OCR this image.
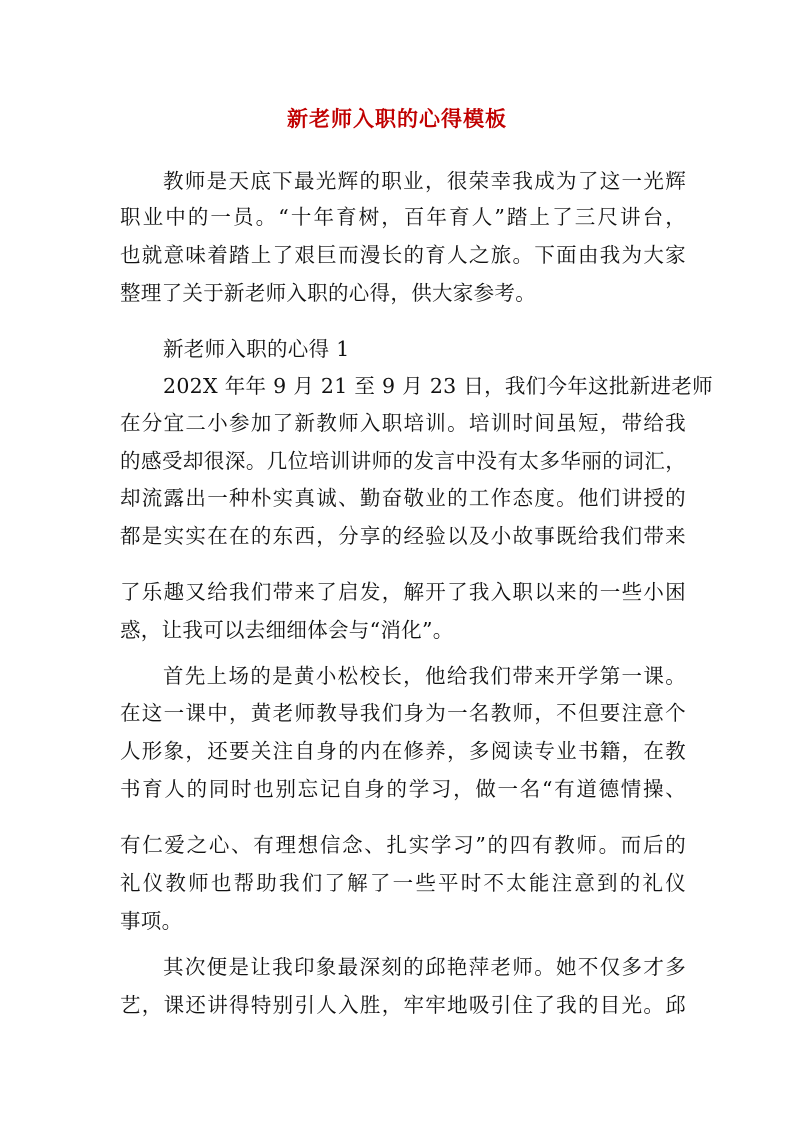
新老师入职的心得模板
教师是天底下最光辉的职业，很荣幸我成为了这一光辉
职业中的一员。“十年育树，百年育人”踏上了三尺讲台，
也就意味着踏上了艰巨而漫长的育人之旅。下面由我为大家
整理了关于新老师入职的心得，供大家参考。
新老师入职的心得 1
202X 年年 9 月 21 至 9 月 23 日，我们今年这批新进老师
在分宜二小参加了新教师入职培训。培训时间虽短，带给我
的感受却很深。几位培训讲师的发言中没有太多华丽的词汇，
却流露出一种朴实真诚、勤奋敬业的工作态度。他们讲授的
都是实实在在的东西，分享的经验以及小故事既给我们带来
了乐趣又给我们带来了启发，解开了我入职以来的一些小困
惑，让我可以去细细体会与“消化”。
首先上场的是黄小松校长，他给我们带来开学第一课。
在这一课中，黄老师教导我们身为一名教师，不但要注意个
人形象，还要关注自身的内在修养，多阅读专业书籍，在教
书育人的同时也别忘记自身的学习，做一名“有道德情操、
有仁爱之心、有理想信念、扎实学习”的四有教师。而后的
礼仪教师也帮助我们了解了一些平时不太能注意到的礼仪
事项。
其次便是让我印象最深刻的邱艳萍老师。她不仅多才多
艺，课还讲得特别引人入胜，牢牢地吸引住了我的目光。邱
